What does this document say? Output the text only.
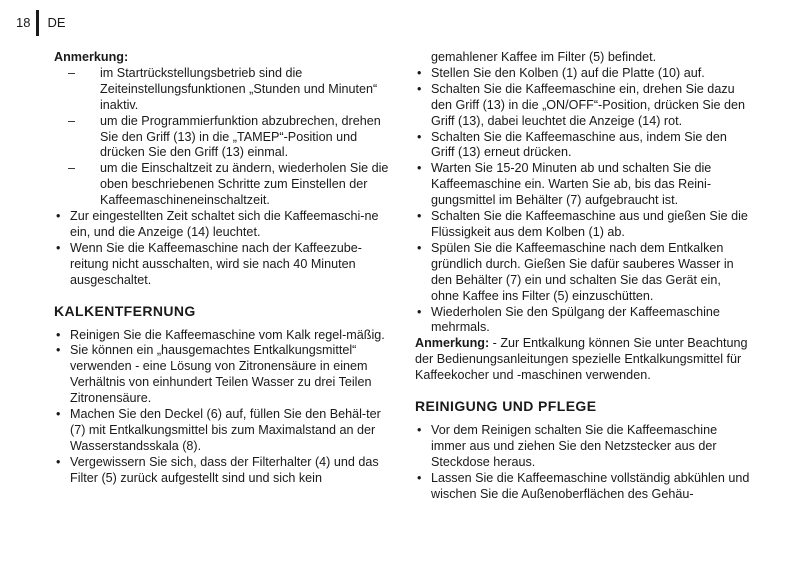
18 DE

Anmerkung:

– im Startrückstellungsbetrieb sind die Zeiteinstellungsfunktionen „Stunden und Minuten“ inaktiv.

– um die Programmierfunktion abzubrechen, drehen Sie den Griff (13) in die „TAMEP“-Position und drücken Sie den Griff (13) einmal.

– um die Einschaltzeit zu ändern, wiederholen Sie die oben beschriebenen Schritte zum Einstellen der Kaffeemaschineneinschaltzeit.

• Zur eingestellten Zeit schaltet sich die Kaffeemaschi-ne ein, und die Anzeige (14) leuchtet.

• Wenn Sie die Kaffeemaschine nach der Kaffeezube-reitung nicht ausschalten, wird sie nach 40 Minuten ausgeschaltet.

KALKENTFERNUNG

• Reinigen Sie die Kaffeemaschine vom Kalk regel-mäßig.

• Sie können ein „hausgemachtes Entkalkungsmittel“ verwenden - eine Lösung von Zitronensäure in einem Verhältnis von einhundert Teilen Wasser zu drei Teilen Zitronensäure.

• Machen Sie den Deckel (6) auf, füllen Sie den Behäl-ter (7) mit Entkalkungsmittel bis zum Maximalstand an der Wasserstandsskala (8).

• Vergewissern Sie sich, dass der Filterhalter (4) und das Filter (5) zurück aufgestellt sind und sich kein

gemahlener Kaffee im Filter (5) befindet.

• Stellen Sie den Kolben (1) auf die Platte (10) auf.

• Schalten Sie die Kaffeemaschine ein, drehen Sie dazu den Griff (13) in die „ON/OFF“-Position, drücken Sie den Griff (13), dabei leuchtet die Anzeige (14) rot.

• Schalten Sie die Kaffeemaschine aus, indem Sie den Griff (13) erneut drücken.

• Warten Sie 15-20 Minuten ab und schalten Sie die Kaffeemaschine ein. Warten Sie ab, bis das Reini-gungsmittel im Behälter (7) aufgebraucht ist.

• Schalten Sie die Kaffeemaschine aus und gießen Sie die Flüssigkeit aus dem Kolben (1) ab.

• Spülen Sie die Kaffeemaschine nach dem Entkalken gründlich durch. Gießen Sie dafür sauberes Wasser in den Behälter (7) ein und schalten Sie das Gerät ein, ohne Kaffee ins Filter (5) einzuschütten.

• Wiederholen Sie den Spülgang der Kaffeemaschine mehrmals.

Anmerkung: - Zur Entkalkung können Sie unter Beachtung der Bedienungsanleitungen spezielle Entkalkungsmittel für Kaffeekocher und -maschinen verwenden.

REINIGUNG UND PFLEGE

• Vor dem Reinigen schalten Sie die Kaffeemaschine immer aus und ziehen Sie den Netzstecker aus der Steckdose heraus.

• Lassen Sie die Kaffeemaschine vollständig abkühlen und wischen Sie die Außenoberflächen des Gehäu-
